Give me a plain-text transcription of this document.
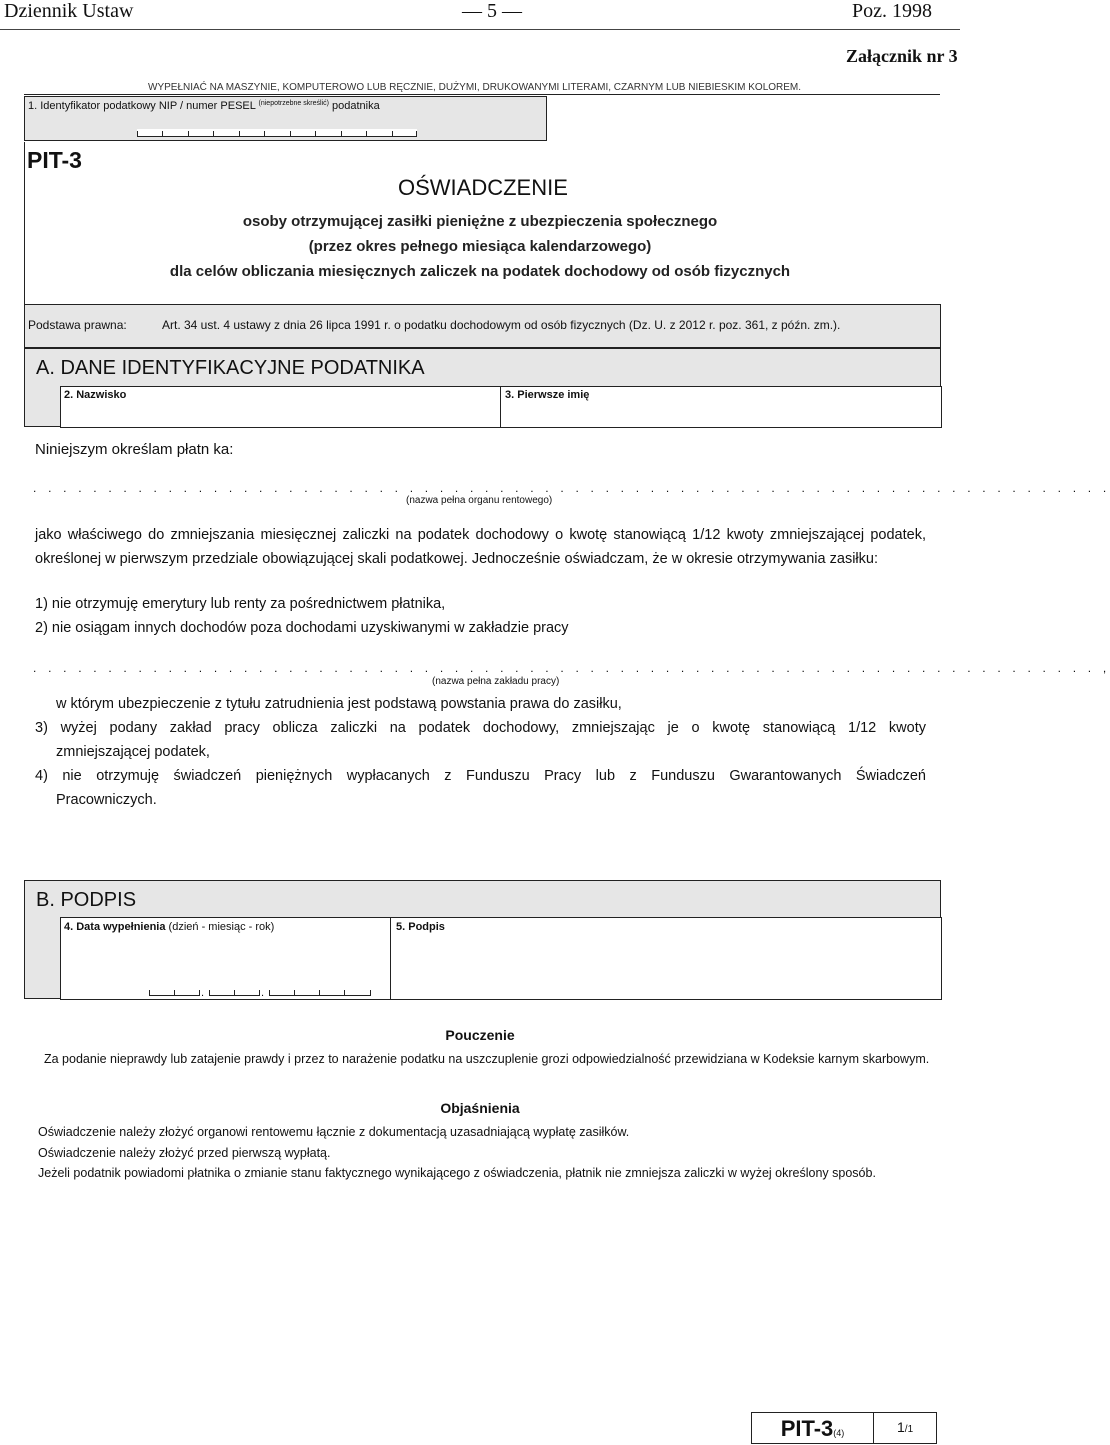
Dziennik Ustaw	— 5 —	Poz. 1998
Załącznik nr 3
WYPEŁNIAĆ NA MASZYNIE, KOMPUTEROWO LUB RĘCZNIE, DUŻYMI, DRUKOWANYMI LITERAMI, CZARNYM LUB NIEBIESKIM KOLOREM.
1. Identyfikator podatkowy NIP / numer PESEL $^{(niepotrzebne skreślić)}$ podatnika
PIT-3
OŚWIADCZENIE
osoby otrzymującej zasiłki pieniężne z ubezpieczenia społecznego
(przez okres pełnego miesiąca kalendarzowego)
dla celów obliczania miesięcznych zaliczek na podatek dochodowy od osób fizycznych
Podstawa prawna:	Art. 34 ust. 4 ustawy z dnia 26 lipca 1991 r. o podatku dochodowym od osób fizycznych (Dz. U. z 2012 r. poz. 361, z późn. zm.).
A. DANE IDENTYFIKACYJNE PODATNIKA
2. Nazwisko	3. Pierwsze imię
Niniejszym określam płatn ka:
. . . . . . . . . . . . . . . . . . . . . . . . . . . . . . . . . . . . . . . . . . . . . . . . . . . . . . . . . . . . . . . . . . . . . . . .
(nazwa pełna organu rentowego)
jako właściwego do zmniejszania miesięcznej zaliczki na podatek dochodowy o kwotę stanowiącą 1/12 kwoty zmniejszającej podatek, określonej w pierwszym przedziale obowiązującej skali podatkowej. Jednocześnie oświadczam, że w okresie otrzymywania zasiłku:
1) nie otrzymuję emerytury lub renty za pośrednictwem płatnika,
2) nie osiągam innych dochodów poza dochodami uzyskiwanymi w zakładzie pracy
. . . . . . . . . . . . . . . . . . . . . . . . . . . . . . . . . . . . . . . . . . . . . . . . . . . . . . . . . . . . . . . . . . . . . . . ,
(nazwa pełna zakładu pracy)
w którym ubezpieczenie z tytułu zatrudnienia jest podstawą powstania prawa do zasiłku,
3) wyżej podany zakład pracy oblicza zaliczki na podatek dochodowy, zmniejszając je o kwotę stanowiącą 1/12 kwoty
zmniejszającej podatek,
4) nie otrzymuję świadczeń pieniężnych wypłacanych z Funduszu Pracy lub z Funduszu Gwarantowanych Świadczeń
Pracowniczych.
B. PODPIS
4. Data wypełnienia (dzień - miesiąc - rok)
.	.
5. Podpis
Pouczenie
Za podanie nieprawdy lub zatajenie prawdy i przez to narażenie podatku na uszczuplenie grozi odpowiedzialność przewidziana w Kodeksie karnym skarbowym.
Objaśnienia
Oświadczenie należy złożyć organowi rentowemu łącznie z dokumentacją uzasadniającą wypłatę zasiłków.
Oświadczenie należy złożyć przed pierwszą wypłatą.
Jeżeli podatnik powiadomi płatnika o zmianie stanu faktycznego wynikającego z oświadczenia, płatnik nie zmniejsza zaliczki w wyżej określony sposób.
PIT-3(4)	1/1
